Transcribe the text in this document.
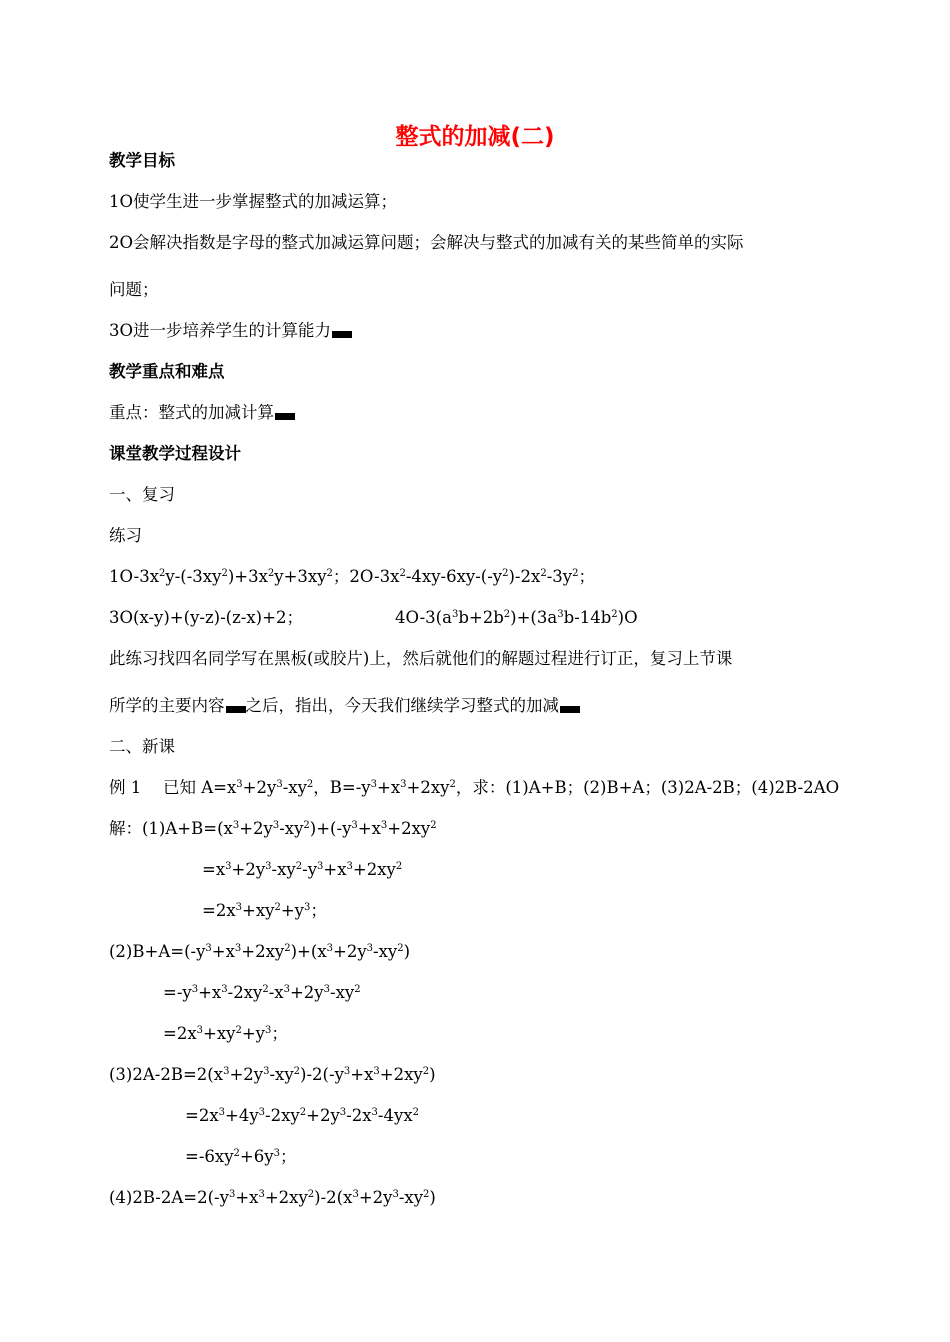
整式的加减(二)
教学目标
1O使学生进一步掌握整式的加减运算；
2O会解决指数是字母的整式加减运算问题；会解决与整式的加减有关的某些简单的实际
问题；
3O进一步培养学生的计算能力
教学重点和难点
重点：整式的加减计算
课堂教学过程设计
一、复习
练习
$1O-3x^2y-(-3xy^2)+3x^2y+3xy^2$；$2O-3x^2-4xy-6xy-(-y^2)-2x^2-3y^2$；
3O(x-y)+(y-z)-(z-x)+2；	$4O-3(a^3b+2b^2)+(3a^3b-14b^2)O$
此练习找四名同学写在黑板(或胶片)上，然后就他们的解题过程进行订正，复习上节课
所学的主要内容 之后，指出，今天我们继续学习整式的加减
二、新课
例 1　 已知 $A=x^3+2y^3-xy^2$，$B=-y^3+x^3+2xy^2$，求：(1)A+B；(2)B+A；(3)2A-2B；(4)2B-2AO
解：$(1)A+B=(x^3+2y^3-xy^2)+(-y^3+x^3+2xy^2$
$=x^3+2y^3-xy^2-y^3+x^3+2xy^2$
$=2x^3+xy^2+y^3$；
$(2)B+A=(-y^3+x^3+2xy^2)+(x^3+2y^3-xy^2)$
$=-y^3+x^3-2xy^2-x^3+2y^3-xy^2$
$=2x^3+xy^2+y^3$；
$(3)2A-2B=2(x^3+2y^3-xy^2)-2(-y^3+x^3+2xy^2)$
$=2x^3+4y^3-2xy^2+2y^3-2x^3-4yx^2$
$=-6xy^2+6y^3$；
$(4)2B-2A=2(-y^3+x^3+2xy^2)-2(x^3+2y^3-xy^2)$
